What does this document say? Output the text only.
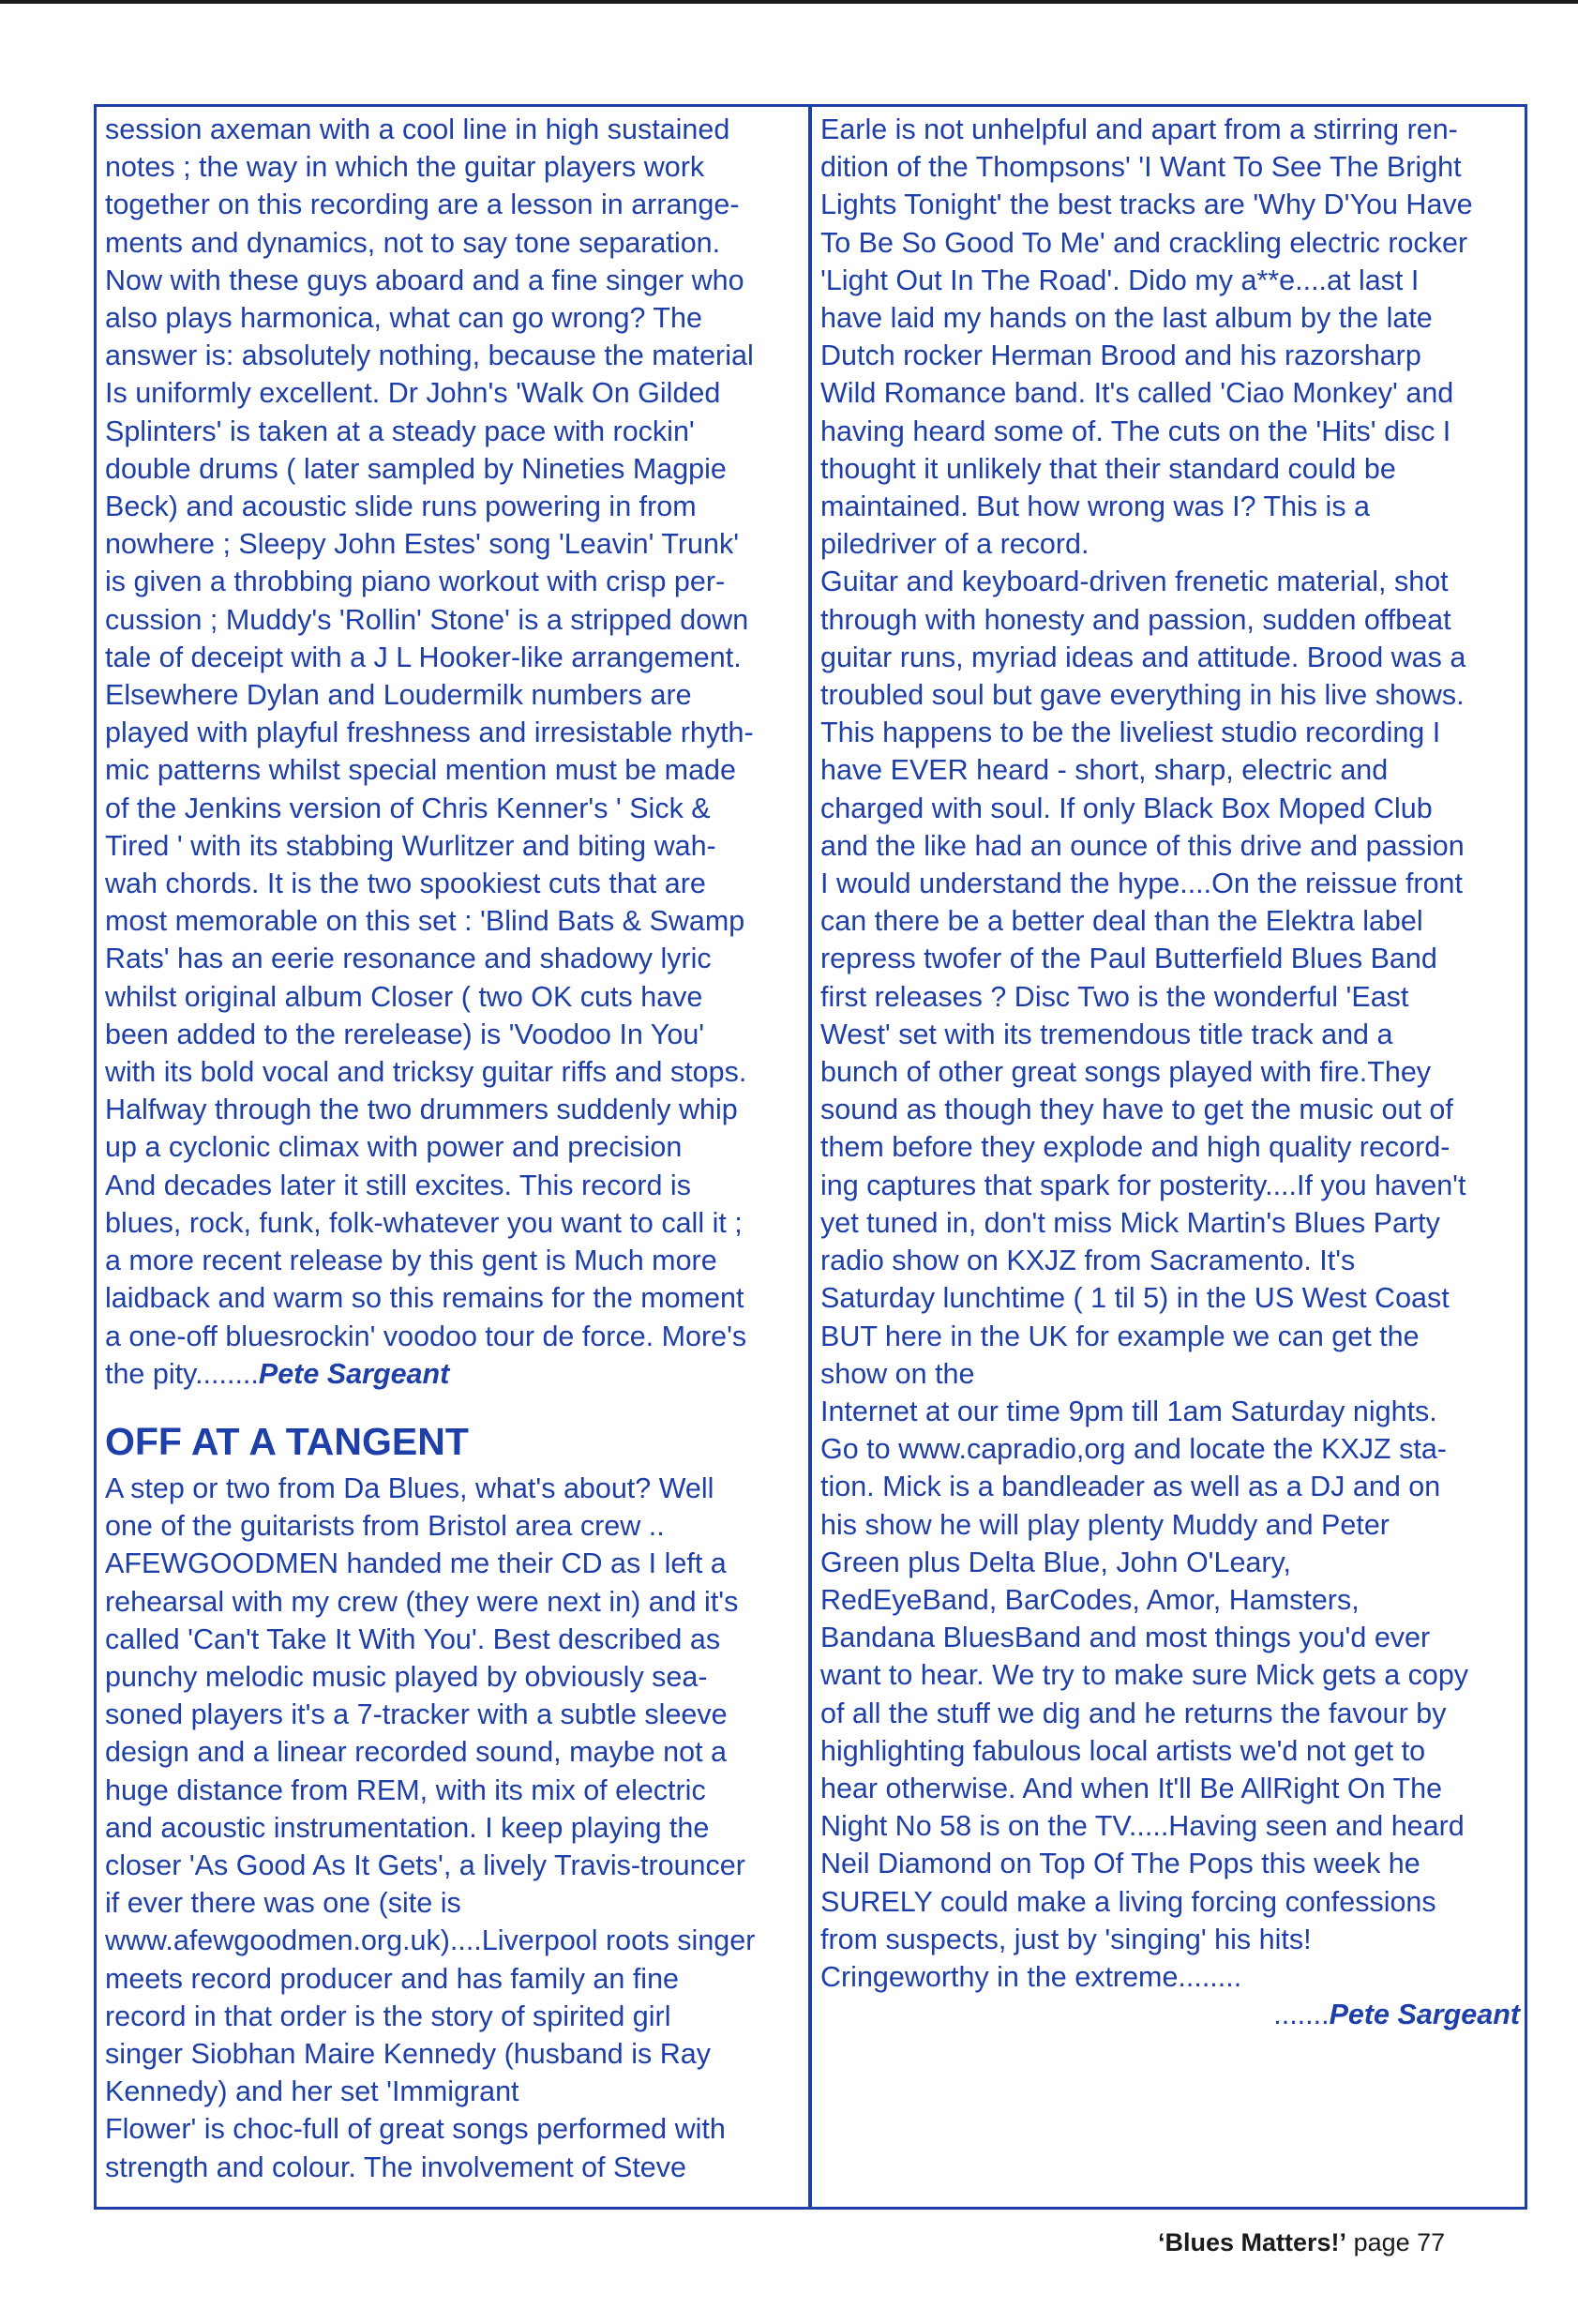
session axeman with a cool line in high sustained
notes ; the way in which the guitar players work
together on this recording are a lesson in arrange-
ments and dynamics, not to say tone separation.
Now with these guys aboard and a fine singer who
also plays harmonica, what can go wrong? The
answer is: absolutely nothing, because the material
Is uniformly excellent. Dr John's 'Walk On Gilded
Splinters' is taken at a steady pace with rockin'
double drums ( later sampled by Nineties Magpie
Beck) and acoustic slide runs powering in from
nowhere ; Sleepy John Estes' song 'Leavin' Trunk'
is given a throbbing piano workout with crisp per-
cussion ; Muddy's 'Rollin' Stone' is a stripped down
tale of deceipt with a J L Hooker-like arrangement.
Elsewhere Dylan and Loudermilk numbers are
played with playful freshness and irresistable rhyth-
mic patterns whilst special mention must be made
of the Jenkins version of Chris Kenner's ' Sick &
Tired ' with its stabbing Wurlitzer and biting wah-
wah chords. It is the two spookiest cuts that are
most memorable on this set : 'Blind Bats & Swamp
Rats' has an eerie resonance and shadowy lyric
whilst original album Closer ( two OK cuts have
been added to the rerelease) is 'Voodoo In You'
with its bold vocal and tricksy guitar riffs and stops.
Halfway through the two drummers suddenly whip
up a cyclonic climax with power and precision
And decades later it still excites. This record is
blues, rock, funk, folk-whatever you want to call it ;
a more recent release by this gent is Much more
laidback and warm so this remains for the moment
a one-off bluesrockin' voodoo tour de force. More's
the pity........Pete Sargeant
OFF AT A TANGENT
A step or two from Da Blues, what's about? Well
one of the guitarists from Bristol area crew ..
AFEWGOODMEN handed me their CD as I left a
rehearsal with my crew (they were next in) and it's
called 'Can't Take It With You'. Best described as
punchy melodic music played by obviously sea-
soned players it's a 7-tracker with a subtle sleeve
design and a linear recorded sound, maybe not a
huge distance from REM, with its mix of electric
and acoustic instrumentation. I keep playing the
closer 'As Good As It Gets', a lively Travis-trouncer
if ever there was one (site is
www.afewgoodmen.org.uk)....Liverpool roots singer
meets record producer and has family an fine
record in that order is the story of spirited girl
singer Siobhan Maire Kennedy (husband is Ray
Kennedy) and her set 'Immigrant
Flower' is choc-full of great songs performed with
strength and colour. The involvement of Steve
Earle is not unhelpful and apart from a stirring ren-
dition of the Thompsons' 'I Want To See The Bright
Lights Tonight' the best tracks are 'Why D'You Have
To Be So Good To Me' and crackling electric rocker
'Light Out In The Road'. Dido my a**e....at last I
have laid my hands on the last album by the late
Dutch rocker Herman Brood and his razorsharp
Wild Romance band. It's called 'Ciao Monkey' and
having heard some of. The cuts on the 'Hits' disc I
thought it unlikely that their standard could be
maintained. But how wrong was I? This is a
piledriver of a record.
Guitar and keyboard-driven frenetic material, shot
through with honesty and passion, sudden offbeat
guitar runs, myriad ideas and attitude. Brood was a
troubled soul but gave everything in his live shows.
This happens to be the liveliest studio recording I
have EVER heard - short, sharp, electric and
charged with soul. If only Black Box Moped Club
and the like had an ounce of this drive and passion
I would understand the hype....On the reissue front
can there be a better deal than the Elektra label
repress twofer of the Paul Butterfield Blues Band
first releases ? Disc Two is the wonderful 'East
West' set with its tremendous title track and a
bunch of other great songs played with fire.They
sound as though they have to get the music out of
them before they explode and high quality record-
ing captures that spark for posterity....If you haven't
yet tuned in, don't miss Mick Martin's Blues Party
radio show on KXJZ from Sacramento. It's
Saturday lunchtime ( 1 til 5) in the US West Coast
BUT here in the UK for example we can get the
show on the
Internet at our time 9pm till 1am Saturday nights.
Go to www.capradio,org and locate the KXJZ sta-
tion. Mick is a bandleader as well as a DJ and on
his show he will play plenty Muddy and Peter
Green plus Delta Blue, John O'Leary,
RedEyeBand, BarCodes, Amor, Hamsters,
Bandana BluesBand and most things you'd ever
want to hear. We try to make sure Mick gets a copy
of all the stuff we dig and he returns the favour by
highlighting fabulous local artists we'd not get to
hear otherwise. And when It'll Be AllRight On The
Night No 58 is on the TV.....Having seen and heard
Neil Diamond on Top Of The Pops this week he
SURELY could make a living forcing confessions
from suspects, just by 'singing' his hits!
Cringeworthy in the extreme........
.......Pete Sargeant
‘Blues Matters!’ page 77
